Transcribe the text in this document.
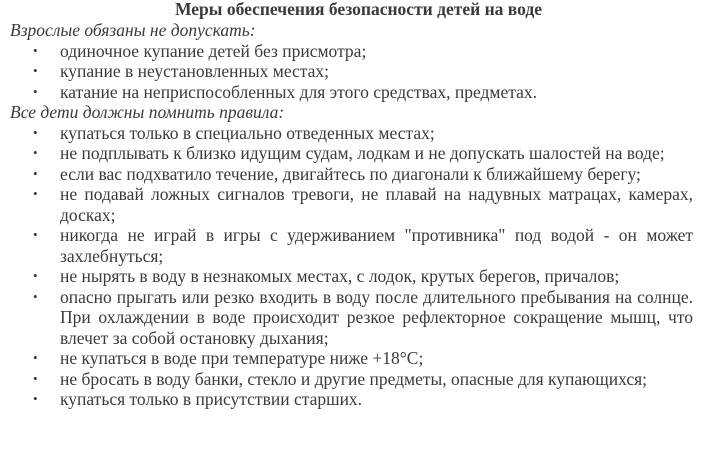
Меры обеспечения безопасности детей на воде

Взрослые обязаны не допускать:

• одиночное купание детей без присмотра;
• купание в неустановленных местах;
• катание на неприспособленных для этого средствах, предметах.

Все дети должны помнить правила:

• купаться только в специально отведенных местах;
• не подплывать к близко идущим судам, лодкам и не допускать шалостей на воде;
• если вас подхватило течение, двигайтесь по диагонали к ближайшему берегу;
• не подавай ложных сигналов тревоги, не плавай на надувных матрацах, камерах, досках;
• никогда не играй в игры с удерживанием "противника" под водой - он может захлебнуться;
• не нырять в воду в незнакомых местах, с лодок, крутых берегов, причалов;
• опасно прыгать или резко входить в воду после длительного пребывания на солнце. При охлаждении в воде происходит резкое рефлекторное сокращение мышц, что влечет за собой остановку дыхания;
• не купаться в воде при температуре ниже +18°С;
• не бросать в воду банки, стекло и другие предметы, опасные для купающихся;
• купаться только в присутствии старших.
